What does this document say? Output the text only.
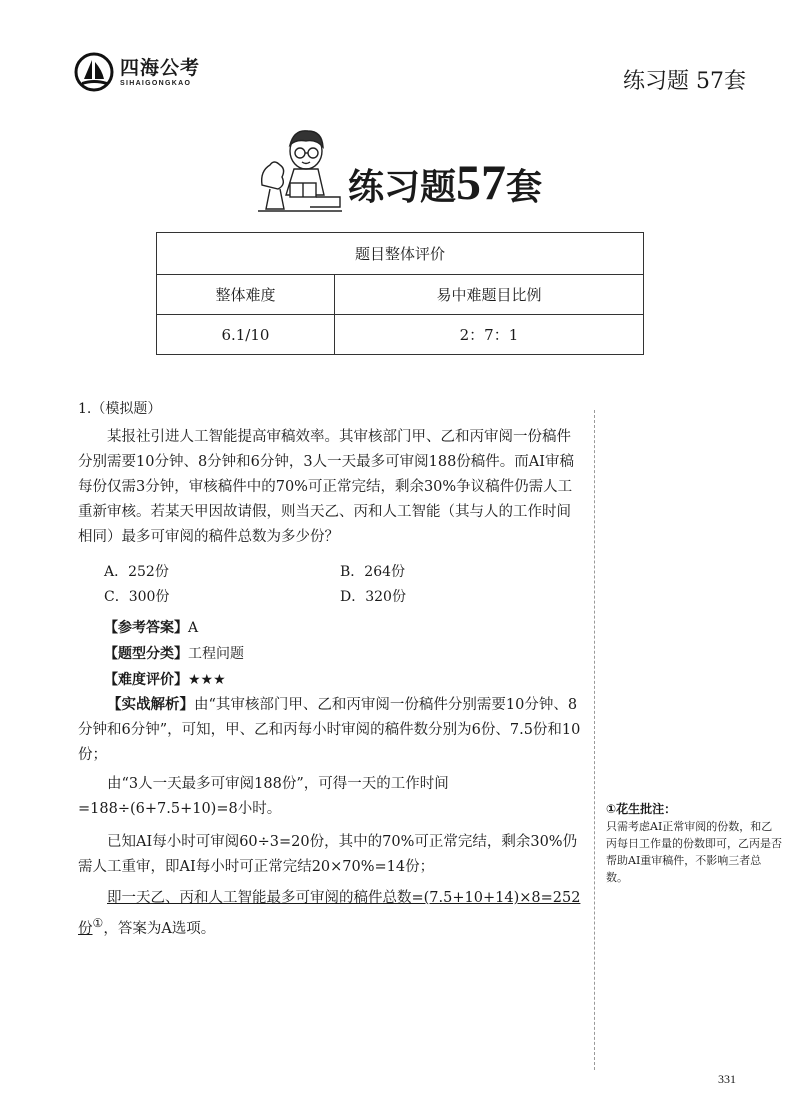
四海公考
SIHAIGONGKAO	练习题 57套
练习题57套
题目整体评价	
整体难度	易中难题目比例
6.1/10	2：7：1
1.（模拟题）
某报社引进人工智能提高审稿效率。其审核部门甲、乙和丙审阅一份稿件分别需要10分钟、8分钟和6分钟，3人一天最多可审阅188份稿件。而AI审稿每份仅需3分钟，审核稿件中的70%可正常完结，剩余30%争议稿件仍需人工重新审核。若某天甲因故请假，则当天乙、丙和人工智能（其与人的工作时间相同）最多可审阅的稿件总数为多少份？
A．252份	B．264份
C．300份	D．320份
【参考答案】A
【题型分类】工程问题
【难度评价】★★★
【实战解析】由“其审核部门甲、乙和丙审阅一份稿件分别需要10分钟、8分钟和6分钟”，可知，甲、乙和丙每小时审阅的稿件数分别为6份、7.5份和10份；
由“3人一天最多可审阅188份”，可得一天的工作时间=188÷(6+7.5+10)=8小时。
已知AI每小时可审阅60÷3=20份，其中的70%可正常完结，剩余30%仍需人工重审，即AI每小时可正常完结20×70%=14份；
即一天乙、丙和人工智能最多可审阅的稿件总数=(7.5+10+14)×8=252份①，答案为A选项。
①花生批注：
只需考虑AI正常审阅的份数，和乙丙每日工作量的份数即可，乙丙是否帮助AI重审稿件，不影响三者总数。
331
